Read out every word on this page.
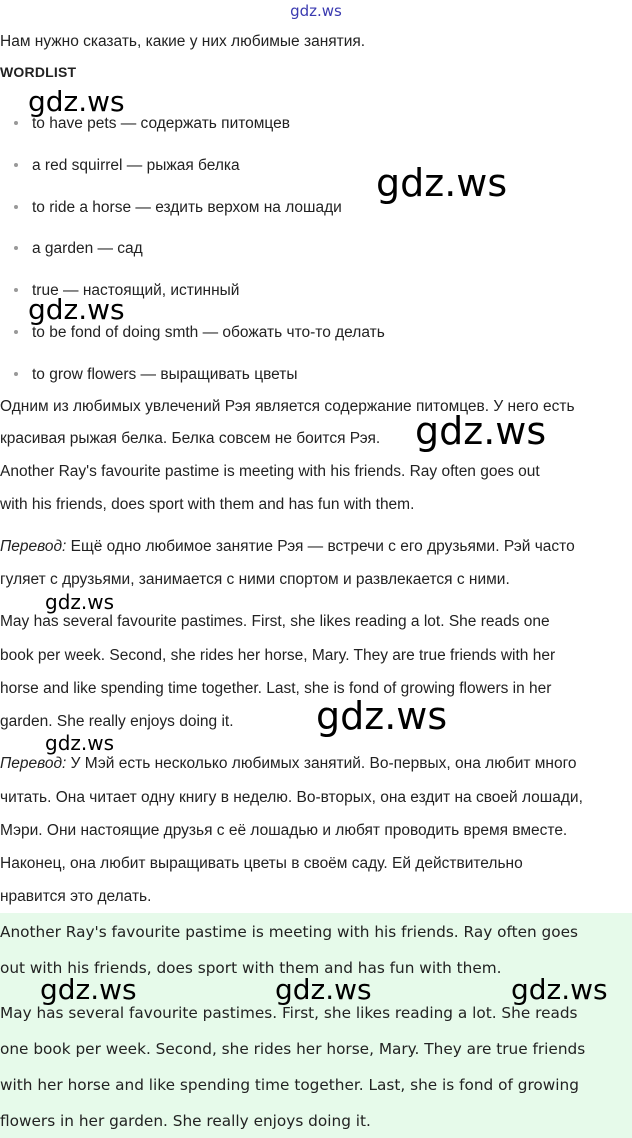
gdz.ws
Нам нужно сказать, какие у них любимые занятия.
WORDLIST
to have pets — содержать питомцев
a red squirrel — рыжая белка
to ride a horse — ездить верхом на лошади
a garden — сад
true — настоящий, истинный
to be fond of doing smth — обожать что-то делать
to grow flowers — выращивать цветы
Одним из любимых увлечений Рэя является содержание питомцев. У него есть
красивая рыжая белка. Белка совсем не боится Рэя.
Another Ray's favourite pastime is meeting with his friends. Ray often goes out
with his friends, does sport with them and has fun with them.
Перевод: Ещё одно любимое занятие Рэя — встречи с его друзьями. Рэй часто
гуляет с друзьями, занимается с ними спортом и развлекается с ними.
May has several favourite pastimes. First, she likes reading a lot. She reads one
book per week. Second, she rides her horse, Mary. They are true friends with her
horse and like spending time together. Last, she is fond of growing flowers in her
garden. She really enjoys doing it.
Перевод: У Мэй есть несколько любимых занятий. Во-первых, она любит много
читать. Она читает одну книгу в неделю. Во-вторых, она ездит на своей лошади,
Мэри. Они настоящие друзья с её лошадью и любят проводить время вместе.
Наконец, она любит выращивать цветы в своём саду. Ей действительно
нравится это делать.
Another Ray's favourite pastime is meeting with his friends. Ray often goes
out with his friends, does sport with them and has fun with them.
May has several favourite pastimes. First, she likes reading a lot. She reads
one book per week. Second, she rides her horse, Mary. They are true friends
with her horse and like spending time together. Last, she is fond of growing
flowers in her garden. She really enjoys doing it.
gdz.ws
gdz.ws
gdz.ws
gdz.ws
gdz.ws
gdz.ws
gdz.ws
gdz.ws	gdz.ws	gdz.ws
